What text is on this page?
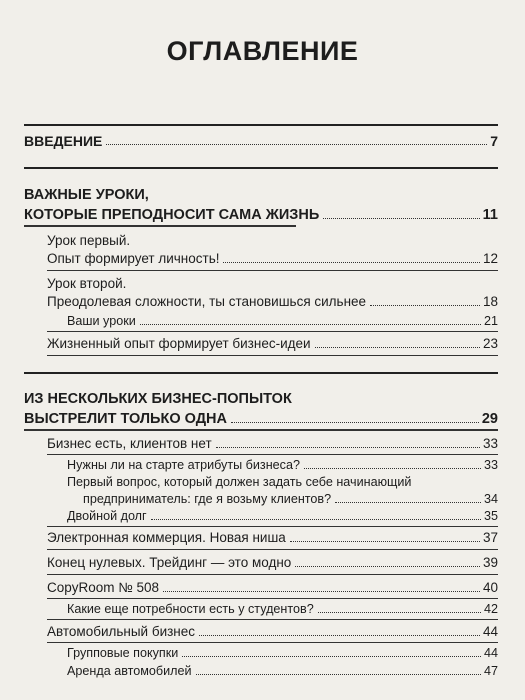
ОГЛАВЛЕНИЕ
ВВЕДЕНИЕ	7
ВАЖНЫЕ УРОКИ,
КОТОРЫЕ ПРЕПОДНОСИТ САМА ЖИЗНЬ	11
Урок первый.
Опыт формирует личность!	12
Урок второй.
Преодолевая сложности, ты становишься сильнее	18
Ваши уроки	21
Жизненный опыт формирует бизнес-идеи	23
ИЗ НЕСКОЛЬКИХ БИЗНЕС-ПОПЫТОК
ВЫСТРЕЛИТ ТОЛЬКО ОДНА	29
Бизнес есть, клиентов нет	33
Нужны ли на старте атрибуты бизнеса?	33
Первый вопрос, который должен задать себе начинающий
предприниматель: где я возьму клиентов?	34
Двойной долг	35
Электронная коммерция. Новая ниша	37
Конец нулевых. Трейдинг — это модно	39
CopyRoom № 508	40
Какие еще потребности есть у студентов?	42
Автомобильный бизнес	44
Групповые покупки	44
Аренда автомобилей	47
